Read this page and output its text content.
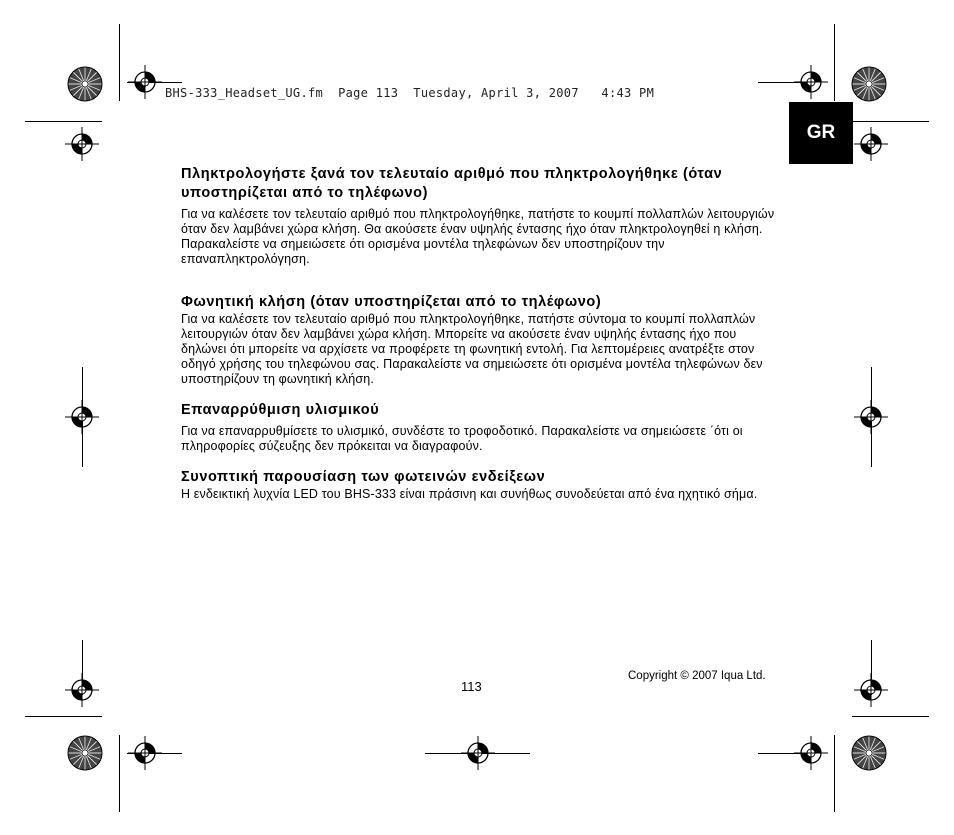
BHS-333_Headset_UG.fm  Page 113  Tuesday, April 3, 2007   4:43 PM
GR

Πληκτρολογήστε ξανά τον τελευταίο αριθμό που πληκτρολογήθηκε (όταν υποστηρίζεται από το τηλέφωνο)

Για να καλέσετε τον τελευταίο αριθμό που πληκτρολογήθηκε, πατήστε το κουμπί πολλαπλών λειτουργιών όταν δεν λαμβάνει χώρα κλήση. Θα ακούσετε έναν υψηλής έντασης ήχο όταν πληκτρολογηθεί η κλήση. Παρακαλείστε να σημειώσετε ότι ορισμένα μοντέλα τηλεφώνων δεν υποστηρίζουν την επαναπληκτρολόγηση.

Φωνητική κλήση (όταν υποστηρίζεται από το τηλέφωνο)

Για να καλέσετε τον τελευταίο αριθμό που πληκτρολογήθηκε, πατήστε σύντομα το κουμπί πολλαπλών λειτουργιών όταν δεν λαμβάνει χώρα κλήση. Μπορείτε να ακούσετε έναν υψηλής έντασης ήχο που δηλώνει ότι μπορείτε να αρχίσετε να προφέρετε τη φωνητική εντολή. Για λεπτομέρειες ανατρέξτε στον οδηγό χρήσης του τηλεφώνου σας. Παρακαλείστε να σημειώσετε ότι ορισμένα μοντέλα τηλεφώνων δεν υποστηρίζουν τη φωνητική κλήση.

Επαναρρύθμιση υλισμικού

Για να επαναρρυθμίσετε το υλισμικό, συνδέστε το τροφοδοτικό. Παρακαλείστε να σημειώσετε ΄ότι οι πληροφορίες σύζευξης δεν πρόκειται να διαγραφούν.

Συνοπτική παρουσίαση των φωτεινών ενδείξεων

Η ενδεικτική λυχνία LED του BHS-333 είναι πράσινη και συνήθως συνοδεύεται από ένα ηχητικό σήμα.

113
Copyright © 2007 Iqua Ltd.
